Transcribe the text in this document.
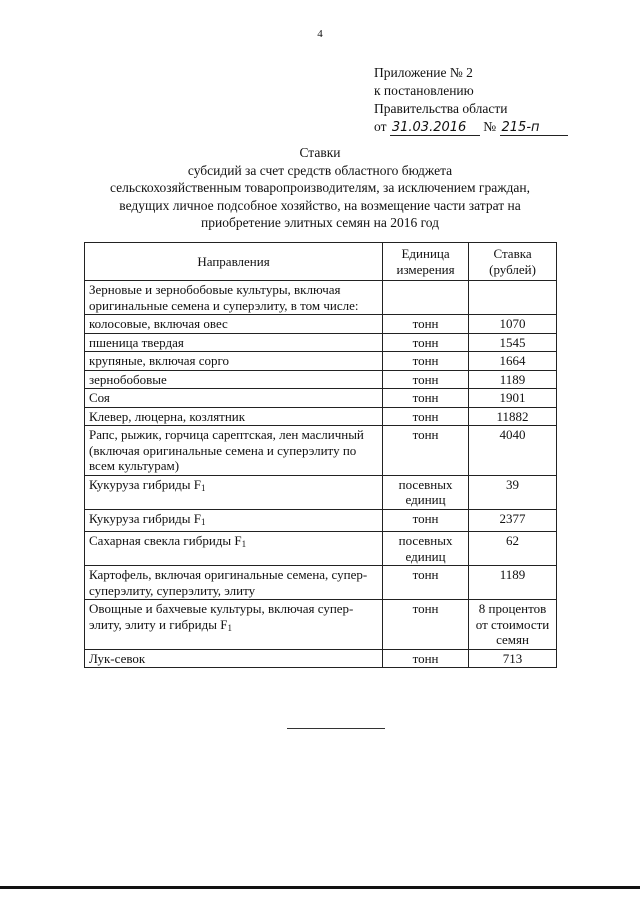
4
Приложение № 2
к постановлению
Правительства области
от 31.03.2016 № 215-п
Ставки
субсидий за счет средств областного бюджета
сельскохозяйственным товаропроизводителям, за исключением граждан,
ведущих личное подсобное хозяйство, на возмещение части затрат на
приобретение элитных семян на 2016 год
Направления	Единица измерения	Ставка (рублей)
Зерновые и зернобобовые культуры, включая оригинальные семена и суперэлиту, в том числе:		
колосовые, включая овес	тонн	1070
пшеница твердая	тонн	1545
крупяные, включая сорго	тонн	1664
зернобобовые	тонн	1189
Соя	тонн	1901
Клевер, люцерна, козлятник	тонн	11882
Рапс, рыжик, горчица сарептская, лен масличный (включая оригинальные семена и суперэлиту по всем культурам)	тонн	4040
Кукуруза гибриды $F_1$	посевных единиц	39
Кукуруза гибриды $F_1$	тонн	2377
Сахарная свекла гибриды $F_1$	посевных единиц	62
Картофель, включая оригинальные семена, супер-суперэлиту, суперэлиту, элиту	тонн	1189
Овощные и бахчевые культуры, включая супер-элиту, элиту и гибриды $F_1$	тонн	8 процентов от стоимости семян
Лук-севок	тонн	713
